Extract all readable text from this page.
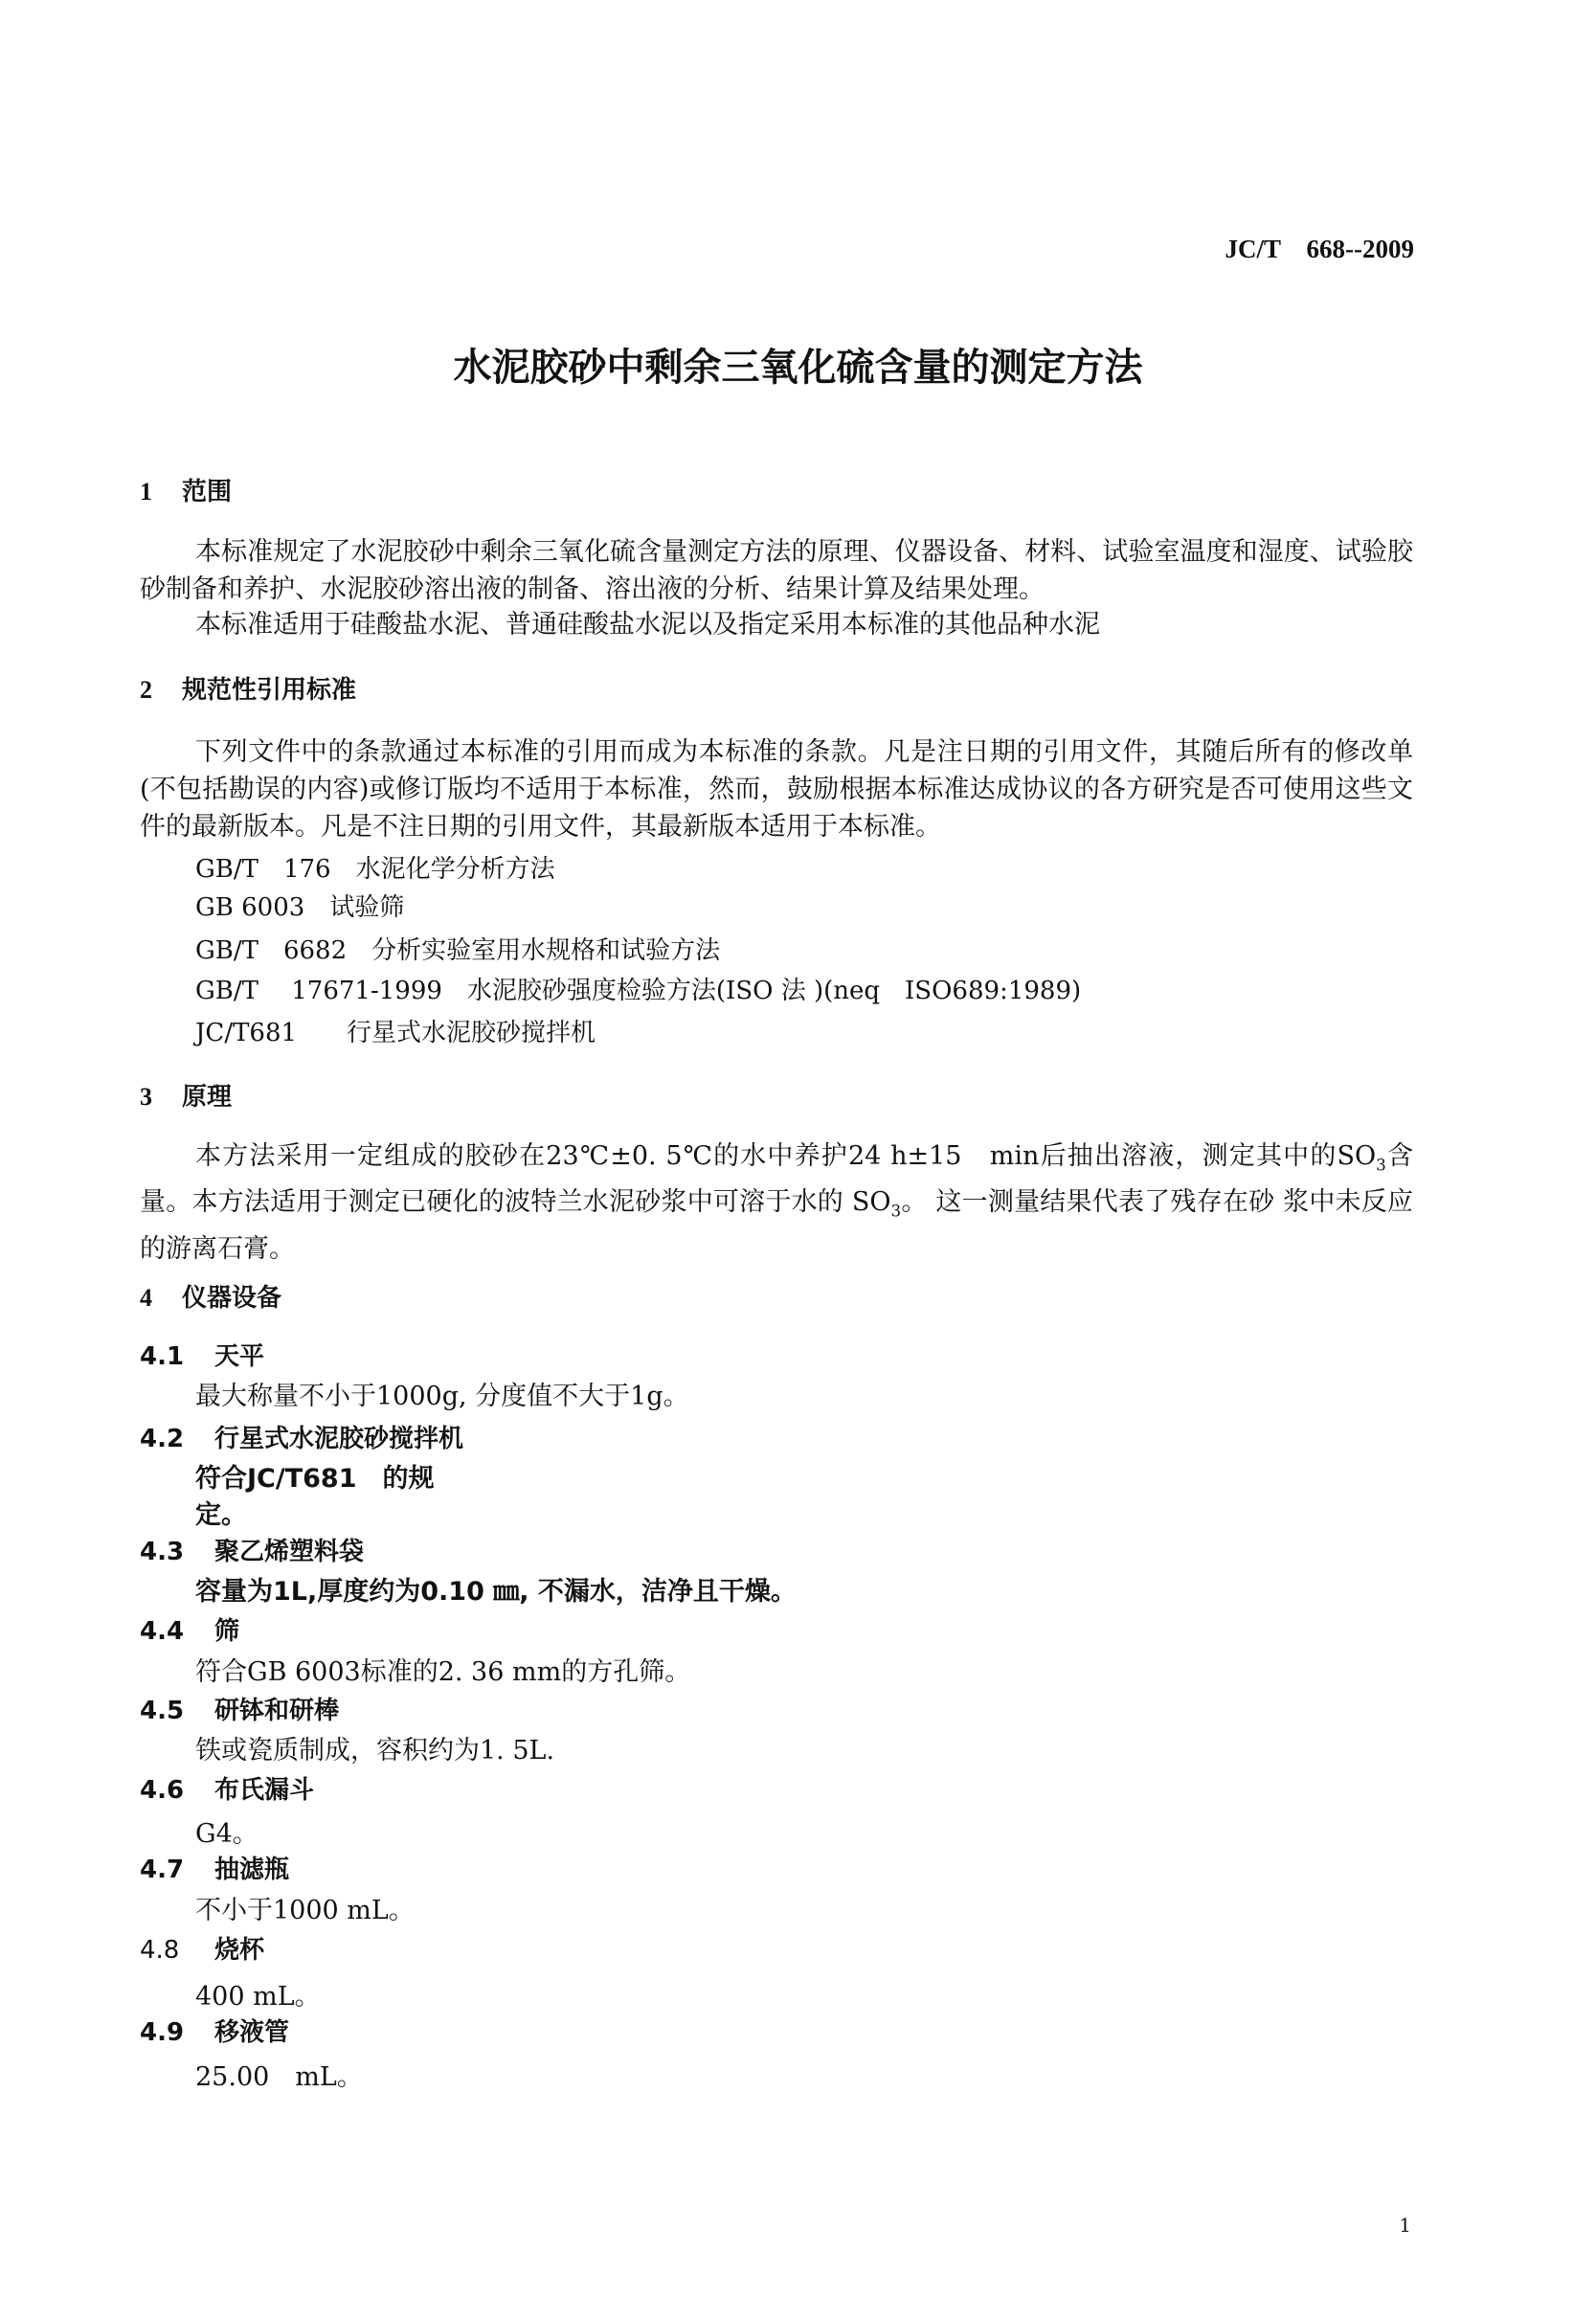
JC/T　668--2009
水泥胶砂中剩余三氧化硫含量的测定方法
1 范围
本标准规定了水泥胶砂中剩余三氧化硫含量测定方法的原理、仪器设备、材料、试验室温度和湿度、试验胶砂制备和养护、水泥胶砂溶出液的制备、溶出液的分析、结果计算及结果处理。
本标准适用于硅酸盐水泥、普通硅酸盐水泥以及指定采用本标准的其他品种水泥
2 规范性引用标准
下列文件中的条款通过本标准的引用而成为本标准的条款。凡是注日期的引用文件，其随后所有的修改单(不包括勘误的内容)或修订版均不适用于本标准，然而，鼓励根据本标准达成协议的各方研究是否可使用这些文件的最新版本。凡是不注日期的引用文件，其最新版本适用于本标准。
GB/T　176　水泥化学分析方法
GB 6003　试验筛
GB/T　6682　分析实验室用水规格和试验方法
GB/T　 17671-1999　水泥胶砂强度检验方法(ISO 法 )(neq　ISO689:1989)
JC/T681　　行星式水泥胶砂搅拌机
3 原理
本方法采用一定组成的胶砂在23℃±0. 5℃的水中养护24 h±15　min后抽出溶液，测定其中的$SO_3$含量。本方法适用于测定已硬化的波特兰水泥砂浆中可溶于水的 $SO_3$。 这一测量结果代表了残存在砂 浆中未反应的游离石膏。
4 仪器设备
4.1 天平
最大称量不小于1000g, 分度值不大于1g。
4.2 行星式水泥胶砂搅拌机
符合JC/T681　的规
定。
4.3 聚乙烯塑料袋
容量为1L,厚度约为0.10 ㎜, 不漏水，洁净且干燥。
4.4 筛
符合GB 6003标准的2. 36 mm的方孔筛。
4.5 研钵和研棒
铁或瓷质制成，容积约为1. 5L.
4.6 布氏漏斗
G4。
4.7 抽滤瓶
不小于1000 mL。
4.8 烧杯
400 mL。
4.9 移液管
25.00　mL。
1
